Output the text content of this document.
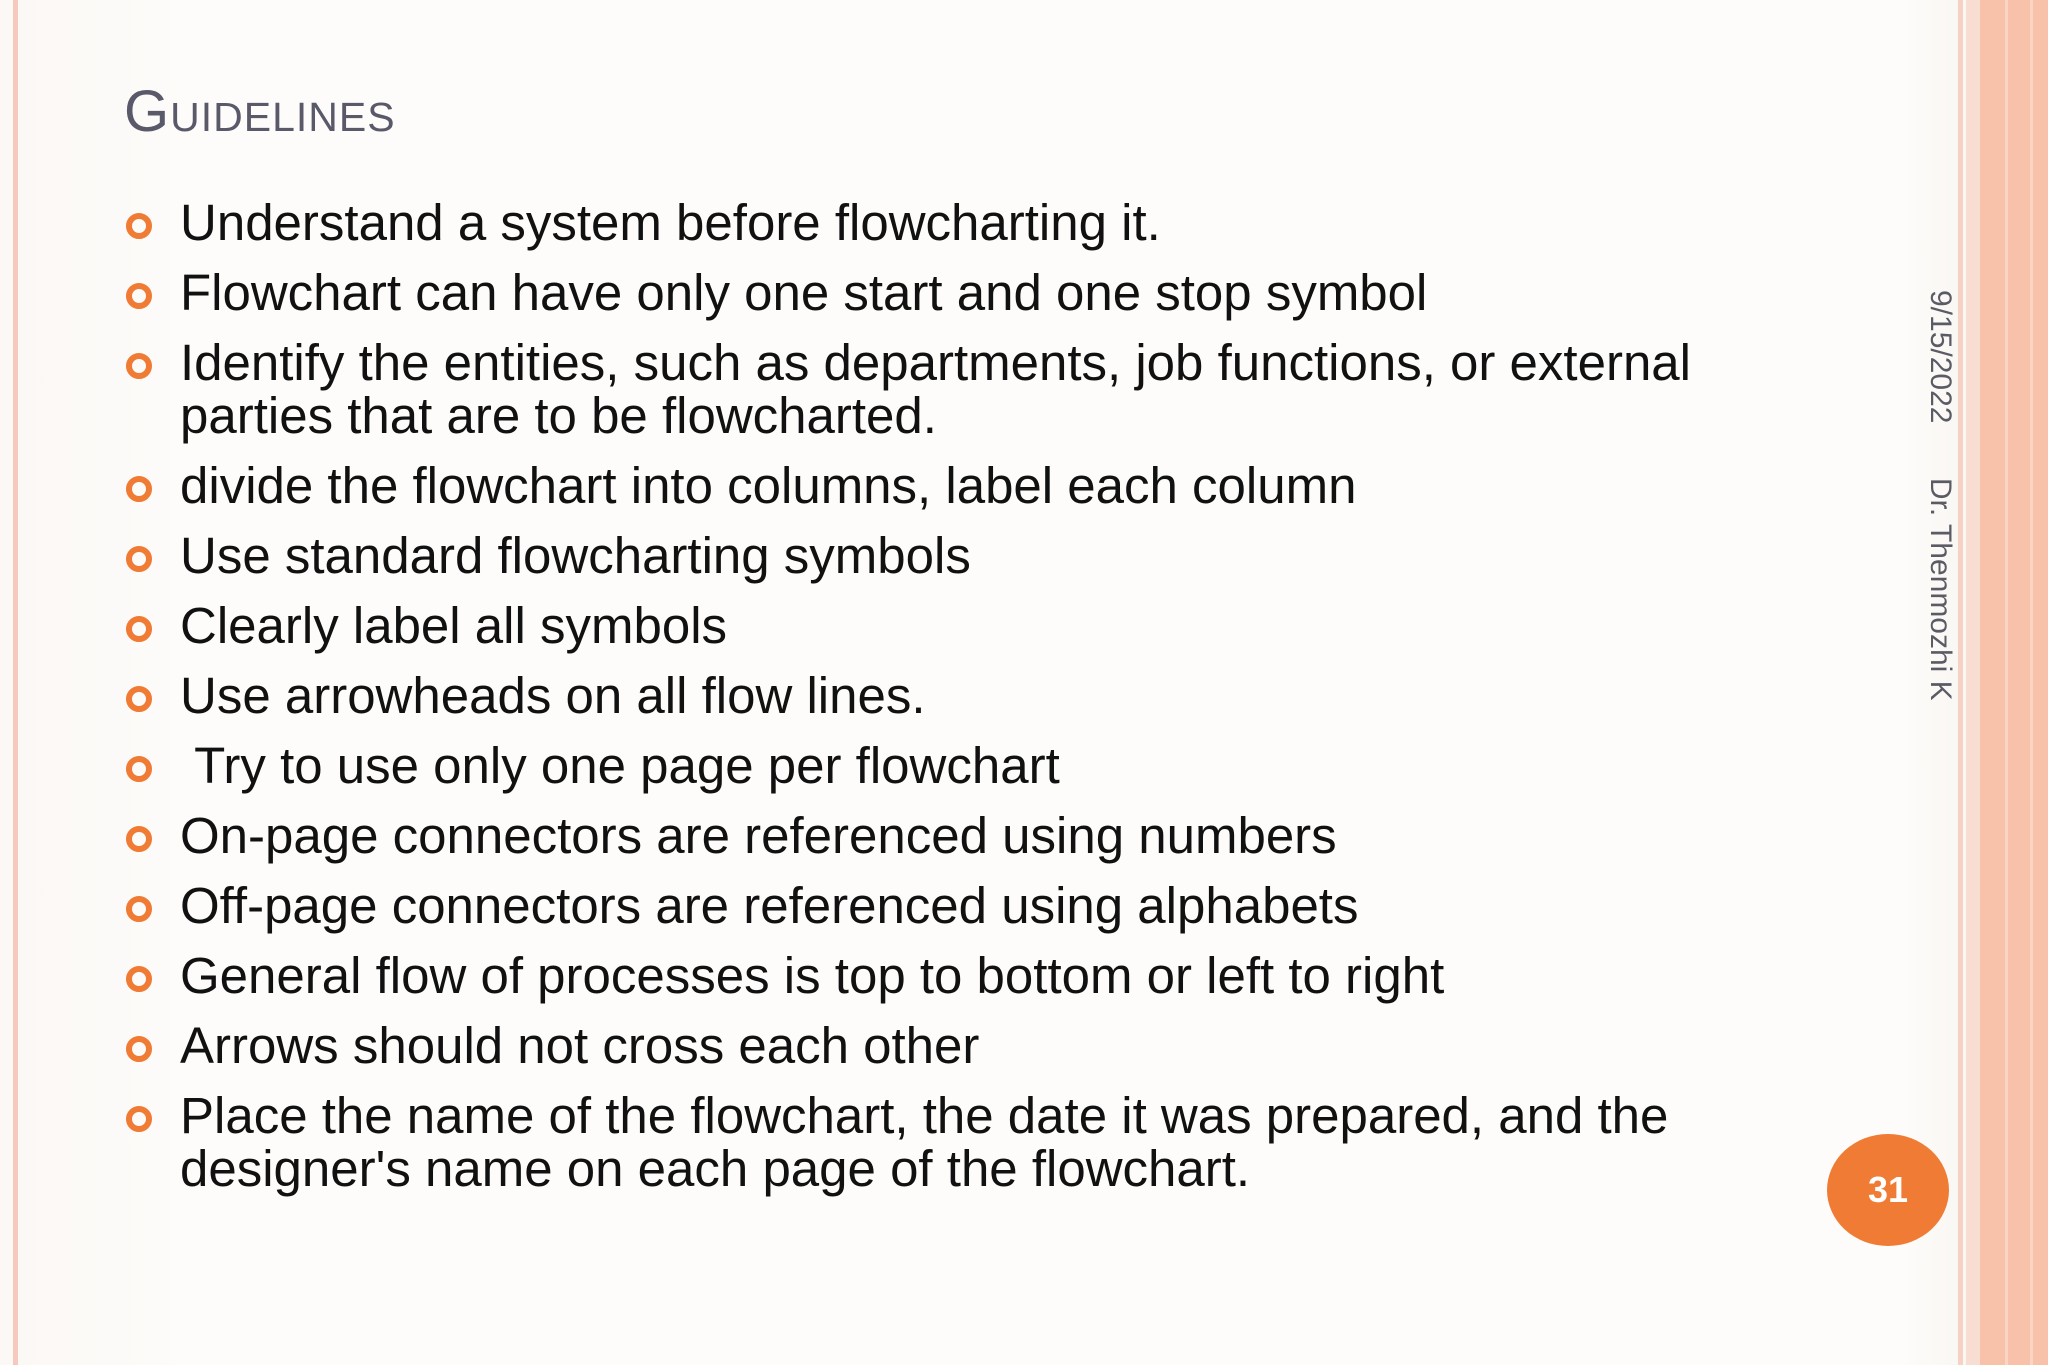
Guidelines
Understand a system before flowcharting it.
Flowchart can have only one start and one stop symbol
Identify the entities, such as departments, job functions, or external
parties that are to be flowcharted.
divide the flowchart into columns, label each column
Use standard flowcharting symbols
Clearly label all symbols
Use arrowheads on all flow lines.
Try to use only one page per flowchart
On-page connectors are referenced using numbers
Off-page connectors are referenced using alphabets
General flow of processes is top to bottom or left to right
Arrows should not cross each other
Place the name of the flowchart, the date it was prepared, and the
designer's name on each page of the flowchart.
9/15/2022 Dr. Thenmozhi K
31
